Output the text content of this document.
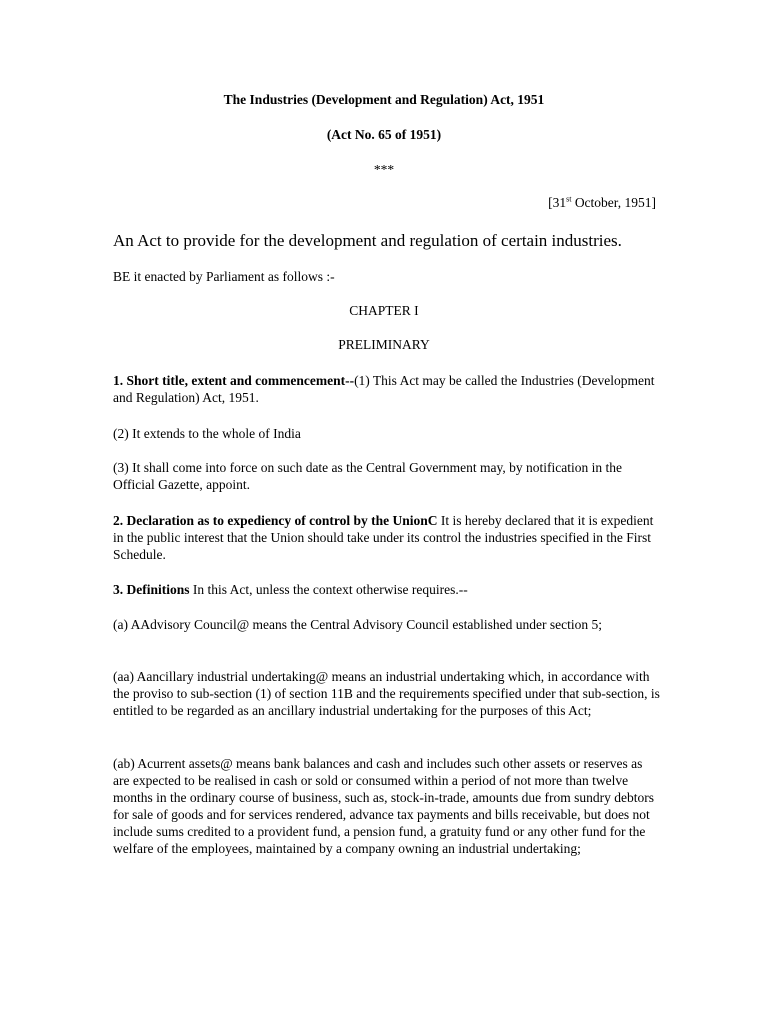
The Industries (Development and Regulation) Act, 1951

(Act No. 65 of 1951)

***

[31st October, 1951]

An Act to provide for the development and regulation of certain industries.

BE it enacted by Parliament as follows :-

CHAPTER I

PRELIMINARY

1. Short title, extent and commencement--(1) This Act may be called the Industries (Development and Regulation) Act, 1951.

(2) It extends to the whole of India

(3) It shall come into force on such date as the Central Government may, by notification in the Official Gazette, appoint.

2. Declaration as to expediency of control by the UnionC It is hereby declared that it is expedient in the public interest that the Union should take under its control the industries specified in the First Schedule.

3. Definitions In this Act, unless the context otherwise requires.--

(a) AAdvisory Council@ means the Central Advisory Council established under section 5;

(aa) Aancillary industrial undertaking@ means an industrial undertaking which, in accordance with the proviso to sub-section (1) of section 11B and the requirements specified under that sub-section, is entitled to be regarded as an ancillary industrial undertaking for the purposes of this Act;

(ab) Acurrent assets@ means bank balances and cash and includes such other assets or reserves as are expected to be realised in cash or sold or consumed within a period of not more than twelve months in the ordinary course of business, such as, stock-in-trade, amounts due from sundry debtors for sale of goods and for services rendered, advance tax payments and bills receivable, but does not include sums credited to a provident fund, a pension fund, a gratuity fund or any other fund for the welfare of the employees, maintained by a company owning an industrial undertaking;
